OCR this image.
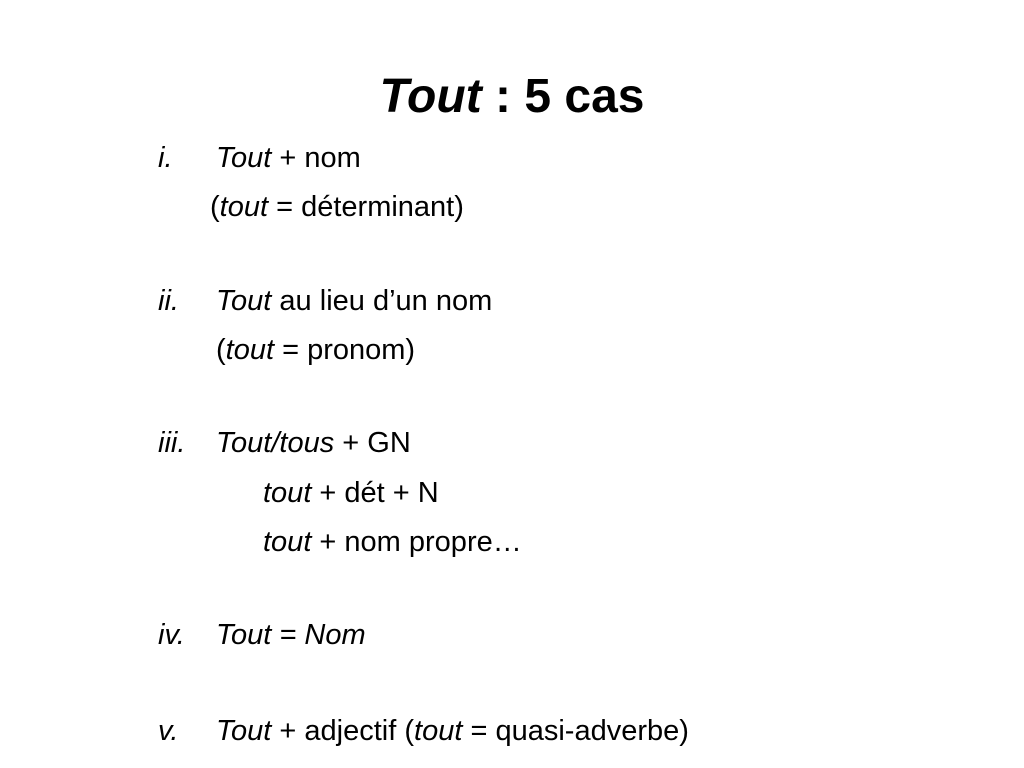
Tout : 5 cas
i. Tout + nom
(tout = déterminant)
ii. Tout au lieu d’un nom
(tout = pronom)
iii. Tout/tous + GN
tout + dét + N
tout + nom propre…
iv. Tout = Nom
v. Tout + adjectif (tout = quasi-adverbe)
